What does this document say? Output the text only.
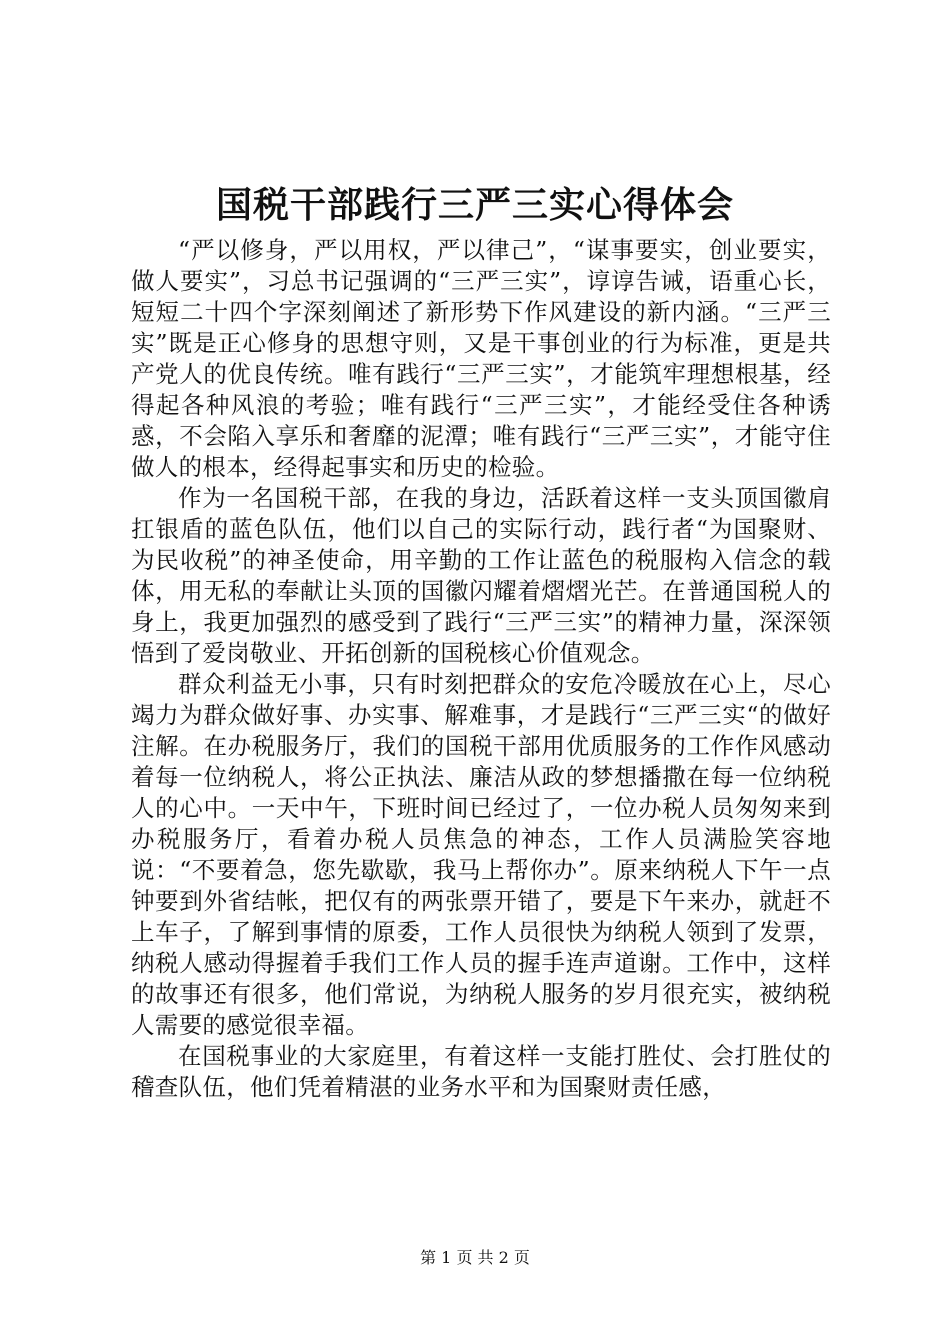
国税干部践行三严三实心得体会

“严以修身，严以用权，严以律己”，“谋事要实，创业要实，做人要实”，习总书记强调的“三严三实”，谆谆告诫，语重心长，短短二十四个字深刻阐述了新形势下作风建设的新内涵。“三严三实”既是正心修身的思想守则，又是干事创业的行为标准，更是共产党人的优良传统。唯有践行“三严三实”，才能筑牢理想根基，经得起各种风浪的考验；唯有践行“三严三实”，才能经受住各种诱惑，不会陷入享乐和奢靡的泥潭；唯有践行“三严三实”，才能守住做人的根本，经得起事实和历史的检验。

作为一名国税干部，在我的身边，活跃着这样一支头顶国徽肩扛银盾的蓝色队伍，他们以自己的实际行动，践行者“为国聚财、为民收税”的神圣使命，用辛勤的工作让蓝色的税服构入信念的载体，用无私的奉献让头顶的国徽闪耀着熠熠光芒。在普通国税人的身上，我更加强烈的感受到了践行“三严三实”的精神力量，深深领悟到了爱岗敬业、开拓创新的国税核心价值观念。

群众利益无小事，只有时刻把群众的安危冷暖放在心上，尽心竭力为群众做好事、办实事、解难事，才是践行“三严三实“的做好注解。在办税服务厅，我们的国税干部用优质服务的工作作风感动着每一位纳税人，将公正执法、廉洁从政的梦想播撒在每一位纳税人的心中。一天中午，下班时间已经过了，一位办税人员匆匆来到办税服务厅，看着办税人员焦急的神态，工作人员满脸笑容地说：“不要着急，您先歇歇，我马上帮你办”。原来纳税人下午一点钟要到外省结帐，把仅有的两张票开错了，要是下午来办，就赶不上车子，了解到事情的原委，工作人员很快为纳税人领到了发票，纳税人感动得握着手我们工作人员的握手连声道谢。工作中，这样的故事还有很多，他们常说，为纳税人服务的岁月很充实，被纳税人需要的感觉很幸福。

在国税事业的大家庭里，有着这样一支能打胜仗、会打胜仗的稽查队伍，他们凭着精湛的业务水平和为国聚财责任感，

第 1 页 共 2 页
